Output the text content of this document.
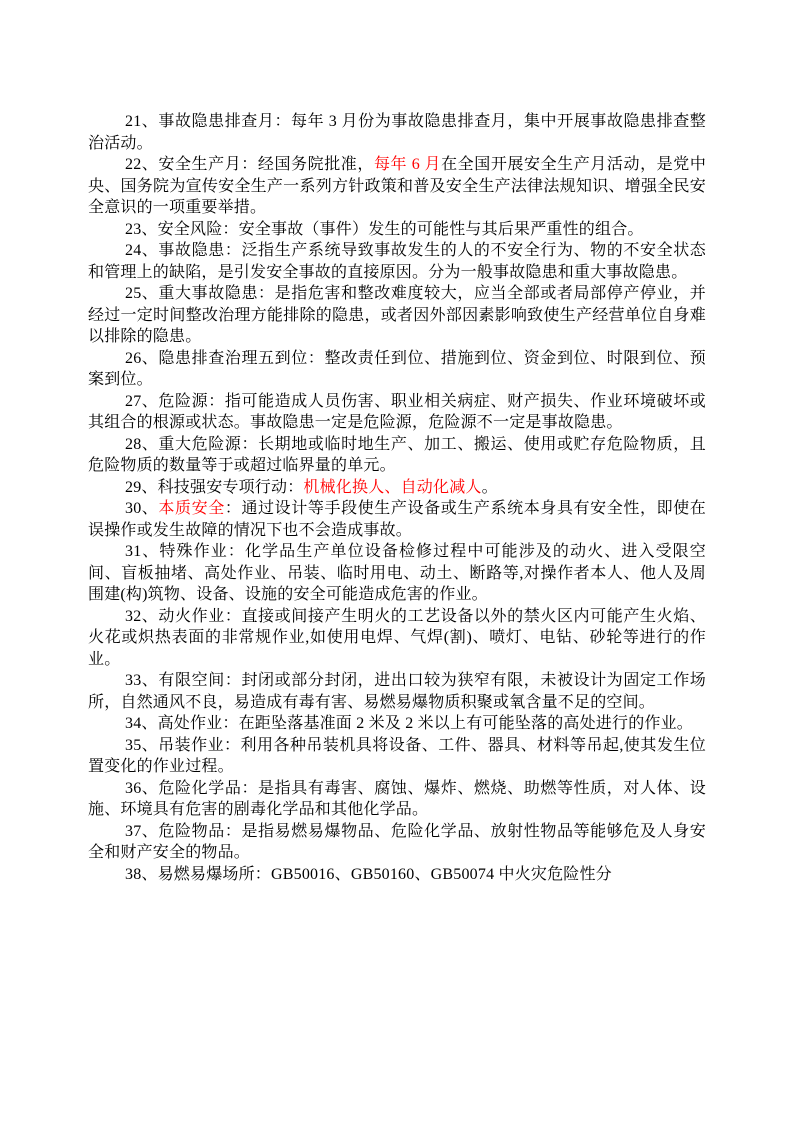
21、事故隐患排查月：每年 3 月份为事故隐患排查月，集中开展事故隐患排查整治活动。

22、安全生产月：经国务院批准，每年 6 月在全国开展安全生产月活动，是党中央、国务院为宣传安全生产一系列方针政策和普及安全生产法律法规知识、增强全民安全意识的一项重要举措。

23、安全风险：安全事故（事件）发生的可能性与其后果严重性的组合。

24、事故隐患：泛指生产系统导致事故发生的人的不安全行为、物的不安全状态和管理上的缺陷，是引发安全事故的直接原因。分为一般事故隐患和重大事故隐患。

25、重大事故隐患：是指危害和整改难度较大，应当全部或者局部停产停业，并经过一定时间整改治理方能排除的隐患，或者因外部因素影响致使生产经营单位自身难以排除的隐患。

26、隐患排查治理五到位：整改责任到位、措施到位、资金到位、时限到位、预案到位。

27、危险源：指可能造成人员伤害、职业相关病症、财产损失、作业环境破坏或其组合的根源或状态。事故隐患一定是危险源，危险源不一定是事故隐患。

28、重大危险源：长期地或临时地生产、加工、搬运、使用或贮存危险物质，且危险物质的数量等于或超过临界量的单元。

29、科技强安专项行动：机械化换人、自动化减人。

30、本质安全：通过设计等手段使生产设备或生产系统本身具有安全性，即使在误操作或发生故障的情况下也不会造成事故。

31、特殊作业：化学品生产单位设备检修过程中可能涉及的动火、进入受限空间、盲板抽堵、高处作业、吊装、临时用电、动土、断路等,对操作者本人、他人及周围建(构)筑物、设备、设施的安全可能造成危害的作业。

32、动火作业：直接或间接产生明火的工艺设备以外的禁火区内可能产生火焰、火花或炽热表面的非常规作业,如使用电焊、气焊(割)、喷灯、电钻、砂轮等进行的作业。

33、有限空间：封闭或部分封闭，进出口较为狭窄有限，未被设计为固定工作场所，自然通风不良，易造成有毒有害、易燃易爆物质积聚或氧含量不足的空间。

34、高处作业：在距坠落基准面 2 米及 2 米以上有可能坠落的高处进行的作业。

35、吊装作业：利用各种吊装机具将设备、工件、器具、材料等吊起,使其发生位置变化的作业过程。

36、危险化学品：是指具有毒害、腐蚀、爆炸、燃烧、助燃等性质，对人体、设施、环境具有危害的剧毒化学品和其他化学品。

37、危险物品：是指易燃易爆物品、危险化学品、放射性物品等能够危及人身安全和财产安全的物品。

38、易燃易爆场所：GB50016、GB50160、GB50074 中火灾危险性分
